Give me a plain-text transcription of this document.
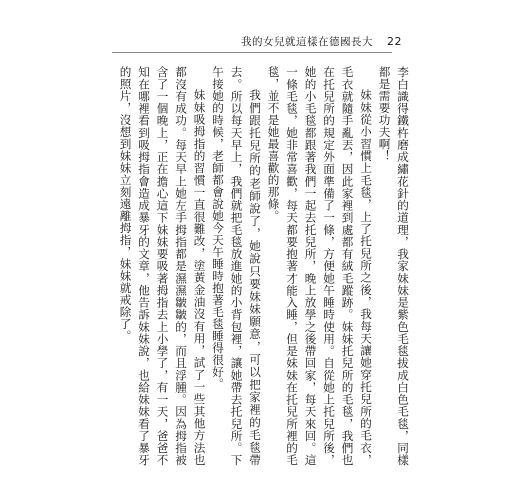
我的女兒就這樣在德國長大 22

李白識得鐵杵磨成繡花針的道理，我家妹妹是紫色毛毯拔成白色毛毯，同樣都是需要功夫啊！

妹妹從小習慣上毛毯，上了托兒所之後，我每天讓她穿托兒所的毛衣，毛衣就隨手亂丟，因此家裡到處都有絨毛蹤跡。妹妹托兒所的毛毯，我們也在托兒所的規定外面準備了一條，方便她午睡時使用。自從她上托兒所後，她的小毛毯都跟著我們一起去托兒所，晚上放學之後帶回家，每天來回。這一條毛毯，她非常喜歡，每天都要抱著才能入睡，但是妹妹在托兒所裡的毛毯，並不是她最喜歡的那條。

我們跟托兒所的老師說了，她說只要妹妹願意，可以把家裡的毛毯帶去。所以每天早上，我們就把毛毯放進她的小背包裡，讓她帶去托兒所。下午接她的時候，老師都會說她今天午睡時抱著毛毯睡得很好。

妹妹吸拇指的習慣一直很難改，塗黃金油沒有用，試了一些其他方法也都沒有成功。每天早上她左手拇指都是濕濕皺皺的，而且浮腫。因為拇指被含了一個晚上，正在擔心這下妹妹要吸著拇指去上小學了，有一天，爸爸不知在哪裡看到吸拇指會造成暴牙的文章，他告訴妹妹說，也給妹妹看了暴牙的照片，沒想到妹妹立刻遠離拇指，妹妹就戒除了。
